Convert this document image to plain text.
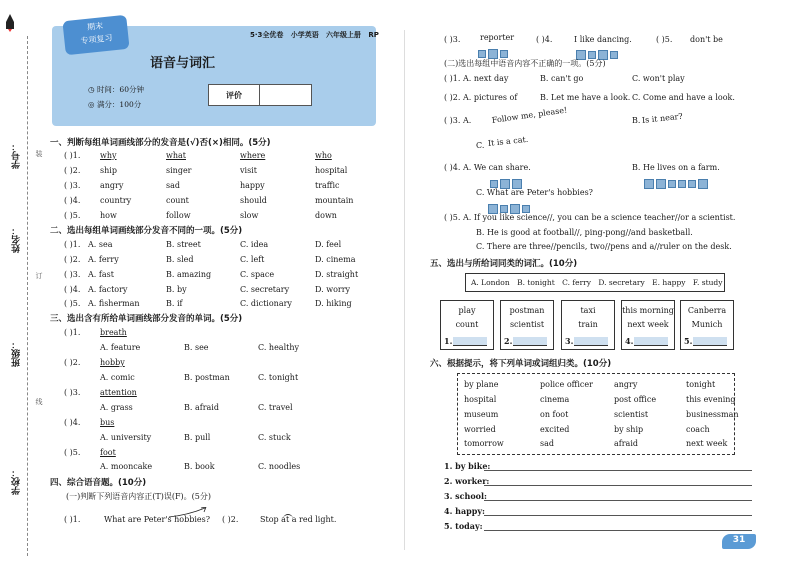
学号：
姓名：
班级：
学校：
装
订
线
期末
专项复习	5·3全优卷 小学英语 六年级上册 RP
语音与词汇
◷ 时间：60分钟
◎ 满分：100分
评价
一、判断每组单词画线部分的发音是(√)否(×)相同。(5分)
( )1. why	what	where	who
( )2. ship	singer	visit	hospital
( )3. angry	sad	happy	traffic
( )4. country	count	should	mountain
( )5. how	follow	slow	down
二、选出每组单词画线部分发音不同的一项。(5分)
( )1. A. sea	B. street	C. idea	D. feel
( )2. A. ferry	B. sled	C. left	D. cinema
( )3. A. fast	B. amazing	C. space	D. straight
( )4. A. factory	B. by	C. secretary	D. worry
( )5. A. fisherman	B. if	C. dictionary	D. hiking
三、选出含有所给单词画线部分发音的单词。(5分)
( )1. breath
A. feature	B. see	C. healthy
( )2. hobby
A. comic	B. postman	C. tonight
( )3. attention
A. grass	B. afraid	C. travel
( )4. bus
A. university	B. pull	C. stuck
( )5. foot
A. mooncake	B. book	C. noodles
四、综合语音题。(10分)
(一)判断下列语音内容正(T)误(F)。(5分)
( )1.	What are Peter's hobbies? ( )2.	Stop at a red light.
( )3. reporter	( )4.	I like dancing.	( )5. don't be
(二)选出每组中语音内容不正确的一项。(5分)
( )1. A. next day	B. can't go	C. won't play
( )2. A. pictures of	B. Let me have a look. C. Come and have a look.
( )3. A.	Follow me, please!	B. Is it near?
C. It is a cat.
( )4. A. We can share.	B. He lives on a farm.
C. What are Peter's hobbies?
( )5. A. If you like science//, you can be a science teacher//or a scientist.
B. He is good at football//, ping-pong//and basketball.
C. There are three//pencils, two//pens and a//ruler on the desk.
五、选出与所给词同类的词汇。(10分)
A. London B. tonight C. ferry D. secretary E. happy F. study
play
count
1.
postman
scientist
2.
taxi
train
3.
this morning
next week
4.
Canberra
Munich
5.
六、根据提示，将下列单词或词组归类。(10分)
by plane	police officer	angry	tonight
hospital	cinema	post office	this evening
museum	on foot	scientist	businessman
worried	excited	by ship	coach
tomorrow	sad	afraid	next week
1. by bike:
2. worker:
3. school:
4. happy:
5. today:
31
